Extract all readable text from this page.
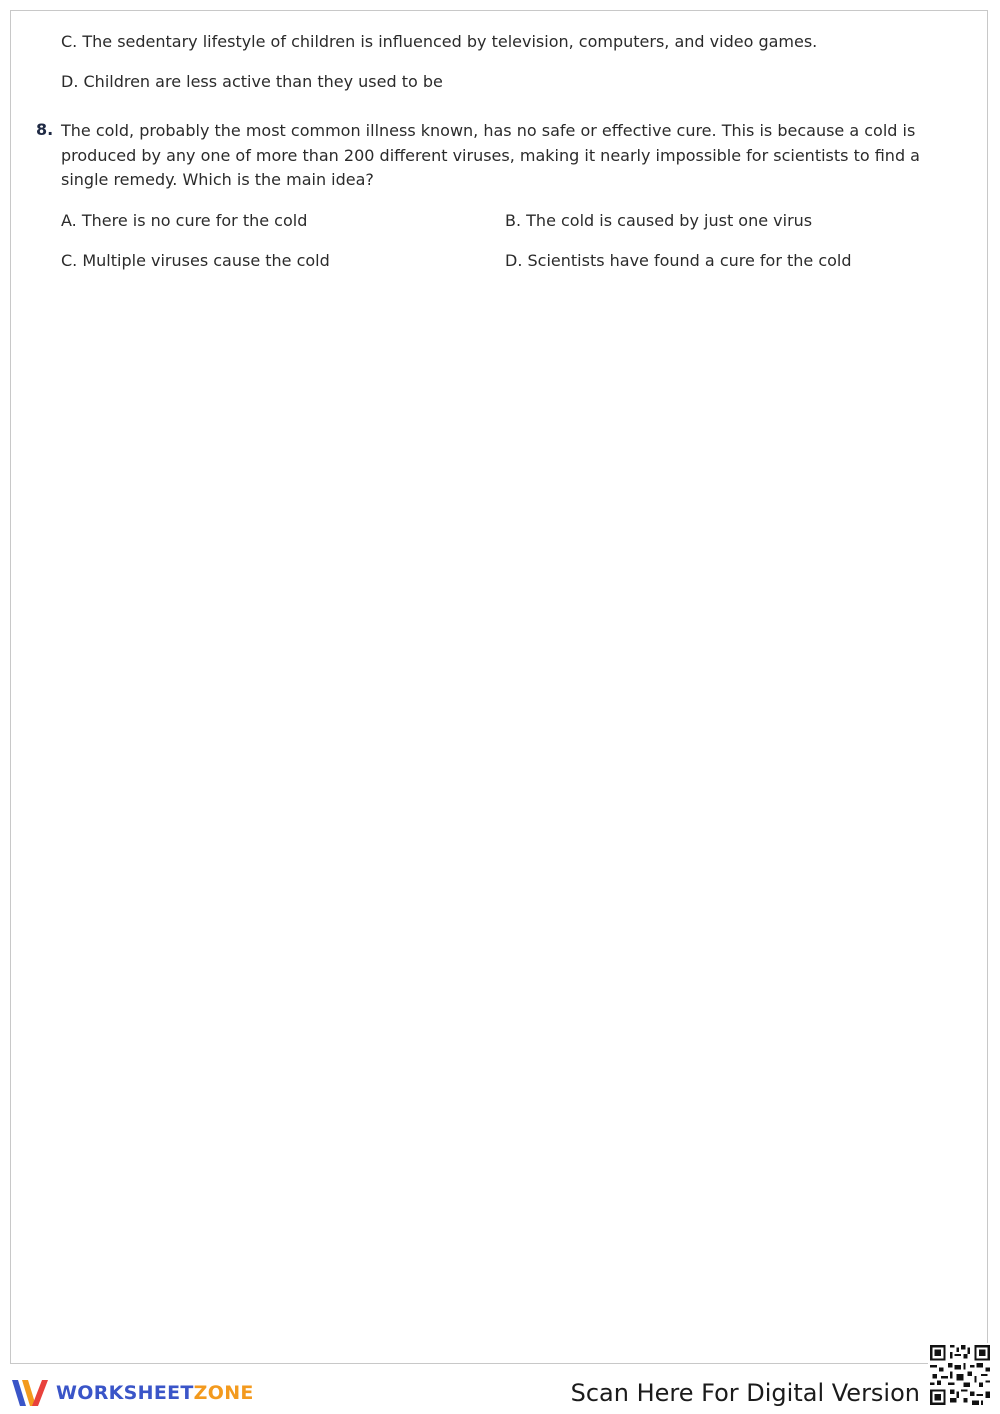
C. The sedentary lifestyle of children is influenced by television, computers, and video games.
D. Children are less active than they used to be
8. The cold, probably the most common illness known, has no safe or effective cure. This is because a cold is produced by any one of more than 200 different viruses, making it nearly impossible for scientists to find a single remedy. Which is the main idea?
A. There is no cure for the cold	B. The cold is caused by just one virus
C. Multiple viruses cause the cold	D. Scientists have found a cure for the cold
WORKSHEETZONE	Scan Here For Digital Version
